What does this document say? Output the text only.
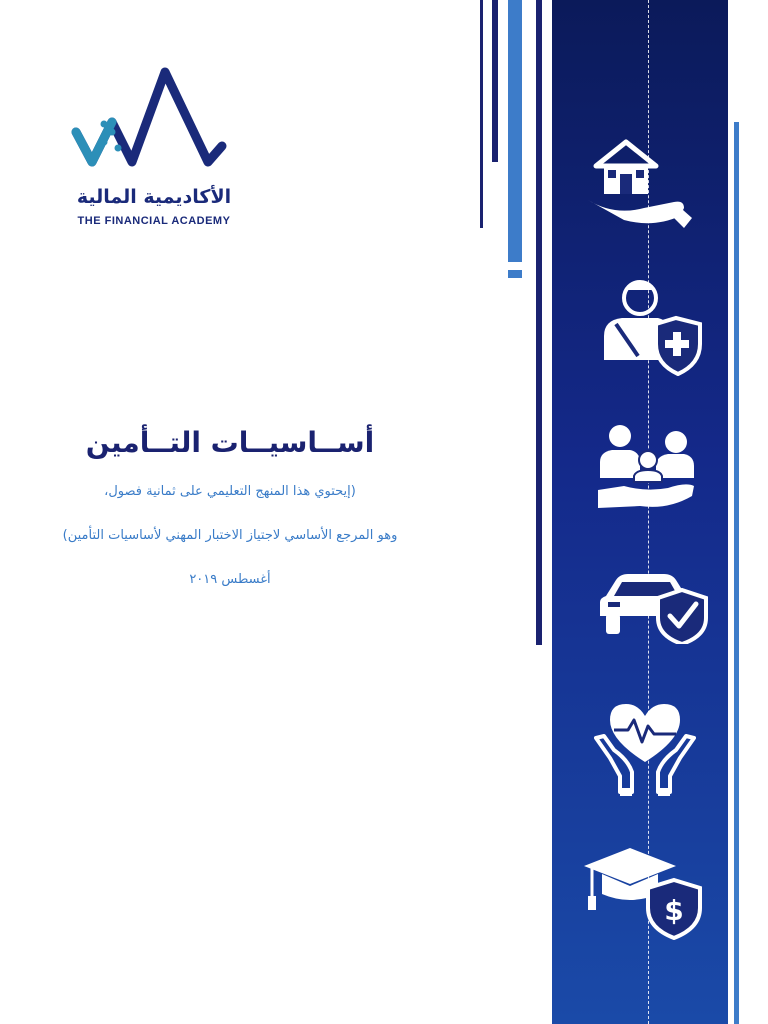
الأكاديمية المالية
THE FINANCIAL ACADEMY
أســاسيــات التــأمين
(إيحتوي هذا المنهج التعليمي على ثمانية فصول،
وهو المرجع الأساسي لاجتياز الاختبار المهني لأساسيات التأمين)
أغسطس ٢٠١٩
$
